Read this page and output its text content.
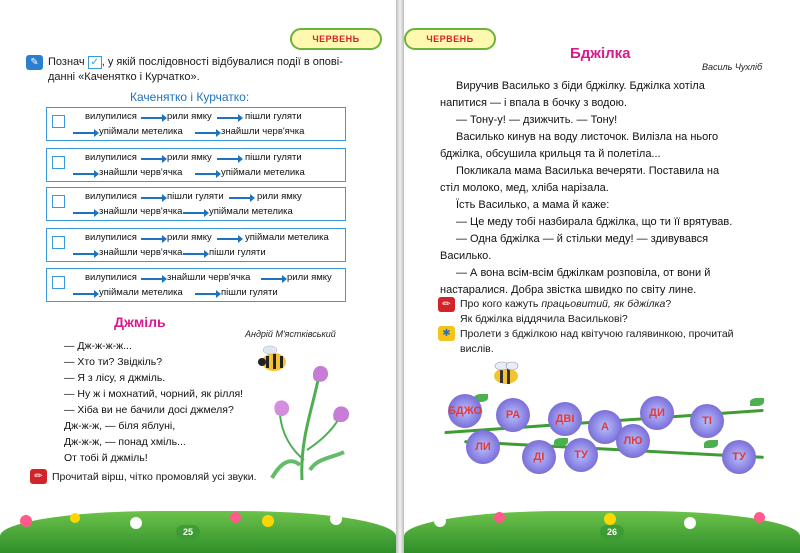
ЧЕРВЕНЬ
✎ Познач ✓ , у якій послідовності відбувалися події в опові-
данні «Каченятко і Курчатко».
Каченятко і Курчатко:
вилупилися	рили ямку	пішли гуляти
упіймали метелика	знайшли черв'ячка
вилупилися	рили ямку	пішли гуляти
знайшли черв'ячка	упіймали метелика
вилупилися	пішли гуляти	рили ямку
знайшли черв'ячка	упіймали метелика
вилупилися	рили ямку	упіймали метелика
знайшли черв'ячка	пішли гуляти
вилупилися	знайшли черв'ячка	рили ямку
упіймали метелика	пішли гуляти
Джміль
Андрій М'ястківський
— Дж-ж-ж-ж...
— Хто ти? Звідкіль?
— Я з лісу, я джміль.
— Ну ж і мохнатий, чорний, як рілля!
— Хіба ви не бачили досі джмеля?
Дж-ж-ж, — біля яблуні,
Дж-ж-ж, — понад хміль...
От тобі й джміль!
✏ Прочитай вірш, чітко промовляй усі звуки.
25
ЧЕРВЕНЬ
Бджілка
Василь Чухліб
Виручив Василько з біди бджілку. Бджілка хотіла
напитися — і впала в бочку з водою.
— Тону-у! — дзижчить. — Тону!
Василько кинув на воду листочок. Вилізла на нього
бджілка, обсушила крильця та й полетіла...
Покликала мама Василька вечеряти. Поставила на
стіл молоко, мед, хліба нарізала.
Їсть Василько, а мама й каже:
— Це меду тобі назбирала бджілка, що ти її врятував.
— Одна бджілка — й стільки меду! — здивувався
Василько.
— А вона всім-всім бджілкам розповіла, от вони й
настаралися. Добра звістка швидко по світу лине.
✏ Про кого кажуть працьовитий, як бджілка?
Як бджілка віддячила Василькові?
✱ Пролети з бджілкою над квітучою галявинкою, прочитай
вислів.
БДЖО
ЛИ
РА
ДІ
ДВІ
ТУ
А
ЛЮ
ДИ
ТІ
ТУ
26
